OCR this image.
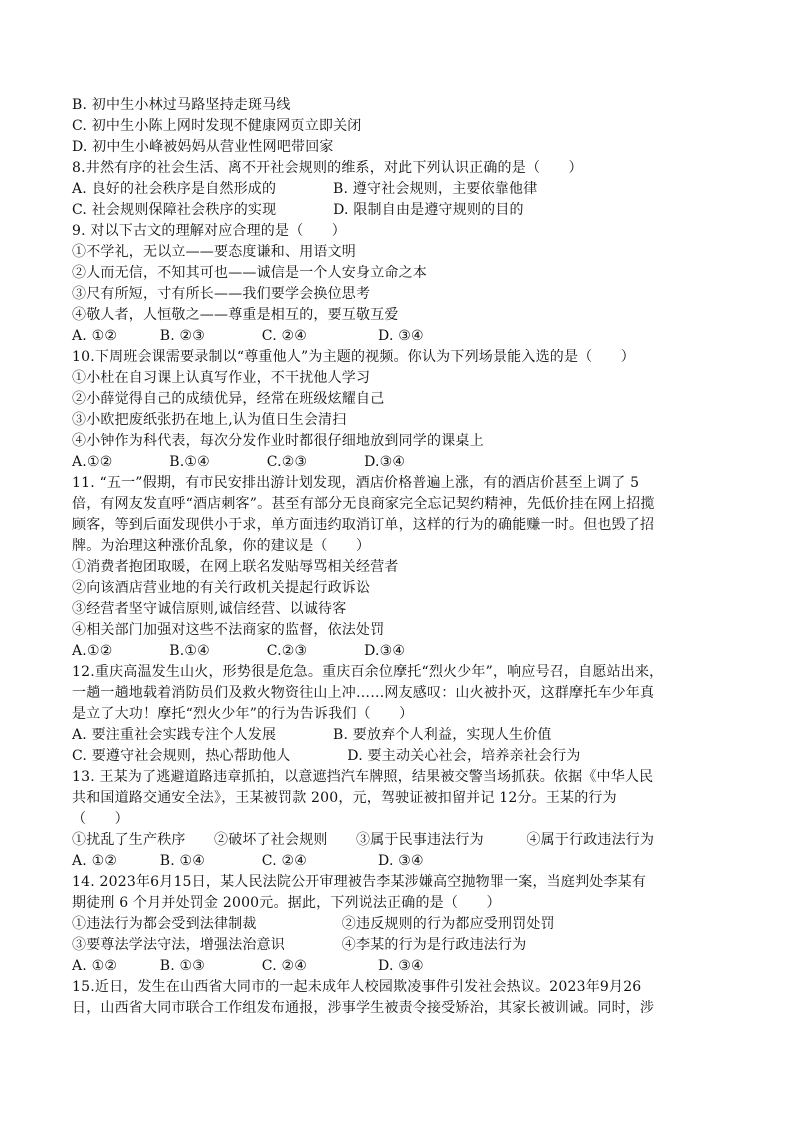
B. 初中生小林过马路坚持走斑马线
C. 初中生小陈上网时发现不健康网页立即关闭
D. 初中生小峰被妈妈从营业性网吧带回家
8.井然有序的社会生活、离不开社会规则的维系，对此下列认识正确的是（　　）
A. 良好的社会秩序是自然形成的　　　　B. 遵守社会规则，主要依靠他律
C. 社会规则保障社会秩序的实现　　　　D. 限制自由是遵守规则的目的
9. 对以下古文的理解对应合理的是（　　）
①不学礼，无以立——要态度谦和、用语文明
②人而无信，不知其可也——诚信是一个人安身立命之本
③尺有所短，寸有所长——我们要学会换位思考
④敬人者，人恒敬之——尊重是相互的，要互敬互爱
A. ①②　　　B. ②③　　　　C. ②④　　　　　D. ③④
10.下周班会课需要录制以“尊重他人”为主题的视频。你认为下列场景能入选的是（　　）
①小杜在自习课上认真写作业，不干扰他人学习
②小薛觉得自己的成绩优异，经常在班级炫耀自己
③小欧把废纸张扔在地上,认为值日生会清扫
④小钟作为科代表，每次分发作业时都很仔细地放到同学的课桌上
A.①②　　　　B.①④　　　　C.②③　　　　D.③④
11. “五一”假期，有市民安排出游计划发现，酒店价格普遍上涨，有的酒店价甚至上调了 5
倍，有网友发直呼“酒店刺客”。甚至有部分无良商家完全忘记契约精神，先低价挂在网上招揽
顾客，等到后面发现供小于求，单方面违约取消订单，这样的行为的确能赚一时。但也毁了招
牌。为治理这种涨价乱象，你的建议是（　　）
①消费者抱团取暖，在网上联名发贴辱骂相关经营者
②向该酒店营业地的有关行政机关提起行政诉讼
③经营者坚守诚信原则,诚信经营、以诚待客
④相关部门加强对这些不法商家的监督，依法处罚
A.①②　　　　B.①④　　　　C.②③　　　　D.③④
12.重庆高温发生山火，形势很是危急。重庆百余位摩托“烈火少年”，响应号召，自愿站出来，
一趟一趟地载着消防员们及救火物资往山上冲……网友感叹：山火被扑灭，这群摩托车少年真
是立了大功！摩托“烈火少年”的行为告诉我们（　　）
A. 要注重社会实践专注个人发展　　　　B. 要放弃个人利益，实现人生价值
C. 要遵守社会规则，热心帮助他人　　　　D. 要主动关心社会，培养亲社会行为
13. 王某为了逃避道路违章抓拍，以意遮挡汽车牌照，结果被交警当场抓获。依据《中华人民
共和国道路交通安全法》，王某被罚款 200，元，驾驶证被扣留并记 12分。王某的行为
（　　）
①扰乱了生产秩序　　②破坏了社会规则　　③属于民事违法行为　　　④属于行政违法行为
A. ①②　　　B. ①④　　　　C. ②④　　　　　D. ③④
14. 2023年6月15日，某人民法院公开审理被告李某涉嫌高空抛物罪一案，当庭判处李某有
期徒刑 6 个月并处罚金 2000元。据此，下列说法正确的是（　　）
①违法行为都会受到法律制裁　　　　　　②违反规则的行为都应受刑罚处罚
③要尊法学法守法，增强法治意识　　　　④李某的行为是行政违法行为
A. ①②　　　B. ①③　　　　C. ②④　　　　　D. ③④
15.近日，发生在山西省大同市的一起未成年人校园欺凌事件引发社会热议。2023年9月26
日，山西省大同市联合工作组发布通报，涉事学生被责令接受矫治，其家长被训诫。同时，涉
